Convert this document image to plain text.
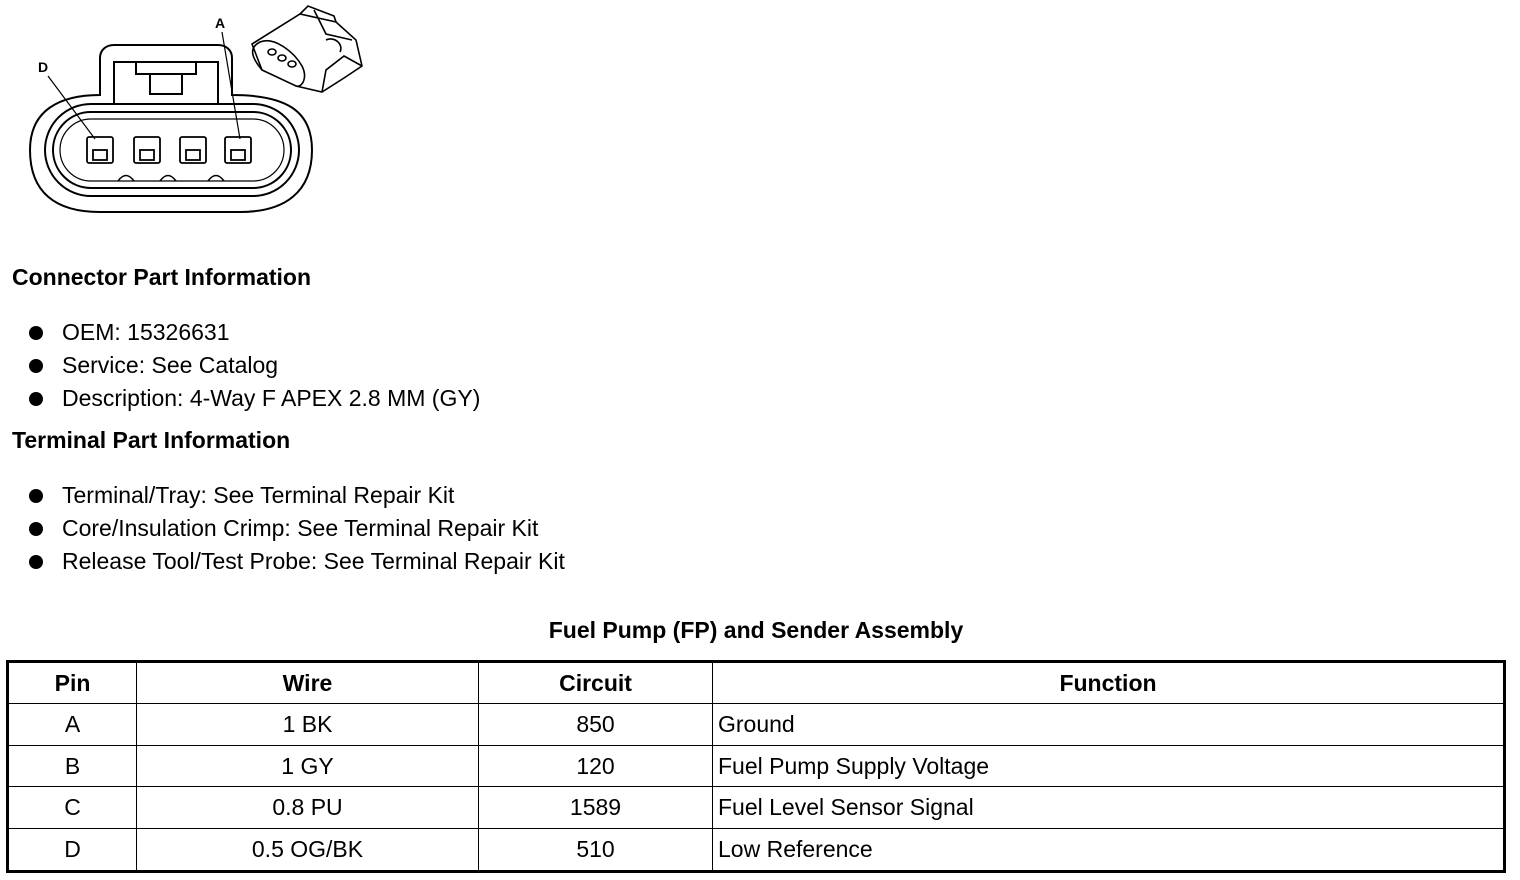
D
A
Connector Part Information
OEM: 15326631
Service: See Catalog
Description: 4-Way F APEX 2.8 MM (GY)
Terminal Part Information
Terminal/Tray: See Terminal Repair Kit
Core/Insulation Crimp: See Terminal Repair Kit
Release Tool/Test Probe: See Terminal Repair Kit
Fuel Pump (FP) and Sender Assembly
Pin	Wire	Circuit	Function
A	1 BK	850	Ground
B	1 GY	120	Fuel Pump Supply Voltage
C	0.8 PU	1589	Fuel Level Sensor Signal
D	0.5 OG/BK	510	Low Reference
